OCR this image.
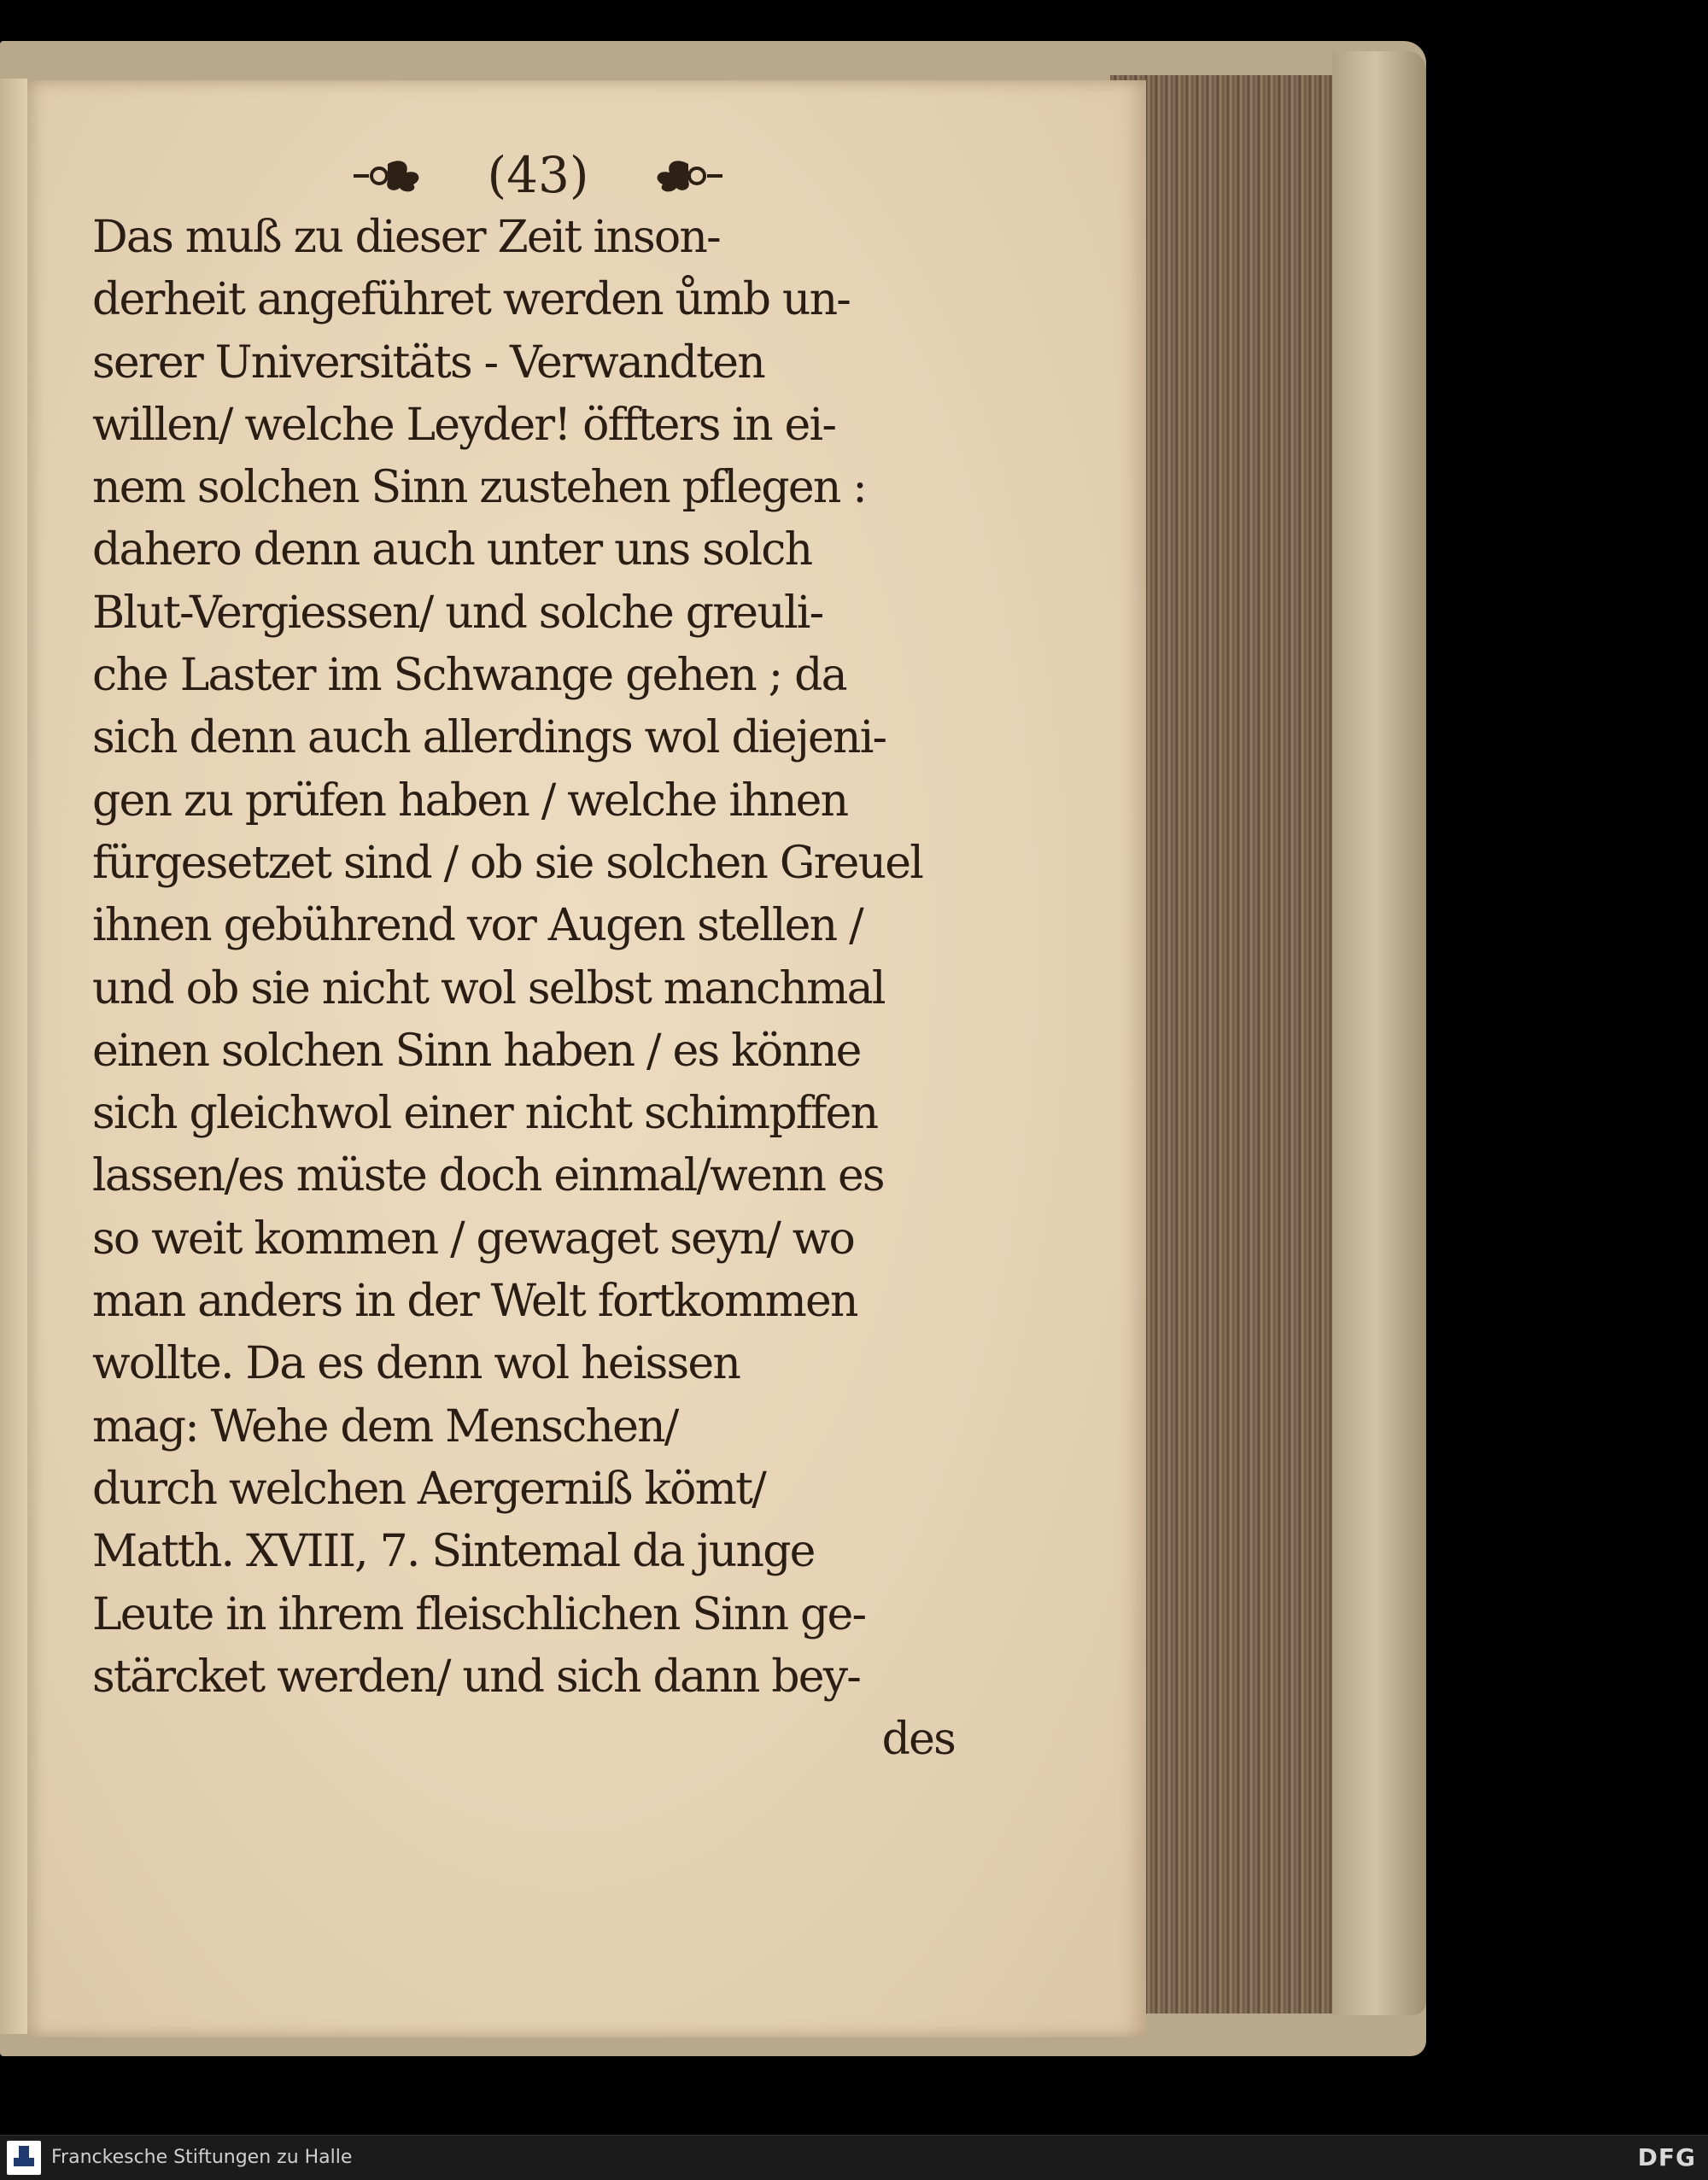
(43)
Das muß zu dieser Zeit inson-
derheit angeführet werden ůmb un-
serer Universitäts - Verwandten
willen/ welche Leyder! öffters in ei-
nem solchen Sinn zustehen pflegen :
dahero denn auch unter uns solch
Blut-Vergiessen/ und solche greuli-
che Laster im Schwange gehen ; da
sich denn auch allerdings wol diejeni-
gen zu prüfen haben / welche ihnen
fürgesetzet sind / ob sie solchen Greuel
ihnen gebührend vor Augen stellen /
und ob sie nicht wol selbst manchmal
einen solchen Sinn haben / es könne
sich gleichwol einer nicht schimpffen
lassen/es müste doch einmal/wenn es
so weit kommen / gewaget seyn/ wo
man anders in der Welt fortkommen
wollte. Da es denn wol heissen
mag: Wehe dem Menschen/
durch welchen Aergerniß kömt/
Matth. XVIII, 7. Sintemal da junge
Leute in ihrem fleischlichen Sinn ge-
stärcket werden/ und sich dann bey-
des
Franckesche Stiftungen zu Halle	DFG
